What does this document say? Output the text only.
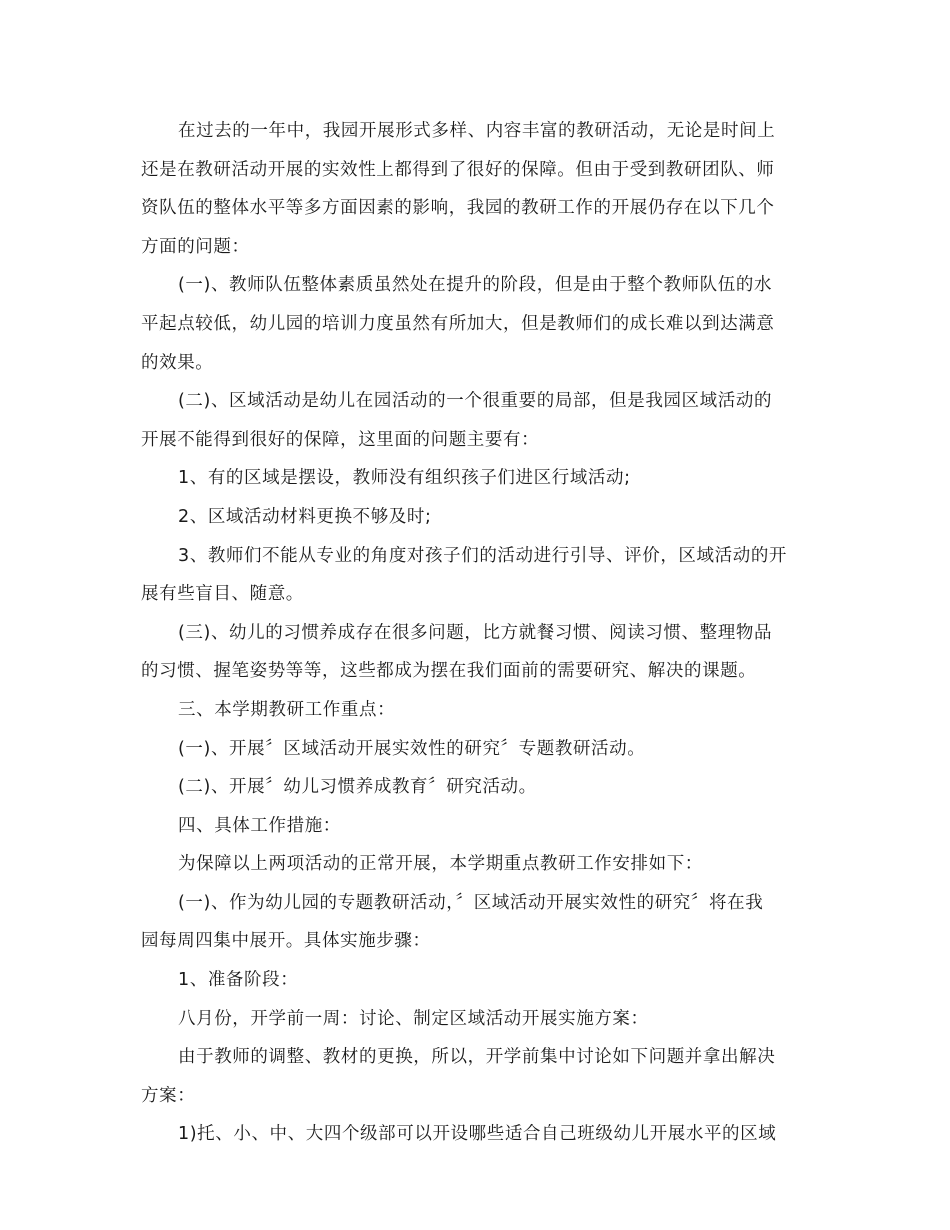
在过去的一年中，我园开展形式多样、内容丰富的教研活动，无论是时间上
还是在教研活动开展的实效性上都得到了很好的保障。但由于受到教研团队、师
资队伍的整体水平等多方面因素的影响，我园的教研工作的开展仍存在以下几个
方面的问题：
(一)、教师队伍整体素质虽然处在提升的阶段，但是由于整个教师队伍的水
平起点较低，幼儿园的培训力度虽然有所加大，但是教师们的成长难以到达满意
的效果。
(二)、区域活动是幼儿在园活动的一个很重要的局部，但是我园区域活动的
开展不能得到很好的保障，这里面的问题主要有：
1、有的区域是摆设，教师没有组织孩子们进区行域活动;
2、区域活动材料更换不够及时;
3、教师们不能从专业的角度对孩子们的活动进行引导、评价，区域活动的开
展有些盲目、随意。
(三)、幼儿的习惯养成存在很多问题，比方就餐习惯、阅读习惯、整理物品
的习惯、握笔姿势等等，这些都成为摆在我们面前的需要研究、解决的课题。
三、本学期教研工作重点：
(一)、开展〞区域活动开展实效性的研究〞专题教研活动。
(二)、开展〞幼儿习惯养成教育〞研究活动。
四、具体工作措施：
为保障以上两项活动的正常开展，本学期重点教研工作安排如下：
(一)、作为幼儿园的专题教研活动，〞区域活动开展实效性的研究〞将在我
园每周四集中展开。具体实施步骤：
1、准备阶段：
八月份，开学前一周：讨论、制定区域活动开展实施方案：
由于教师的调整、教材的更换，所以，开学前集中讨论如下问题并拿出解决
方案：
1)托、小、中、大四个级部可以开设哪些适合自己班级幼儿开展水平的区域
